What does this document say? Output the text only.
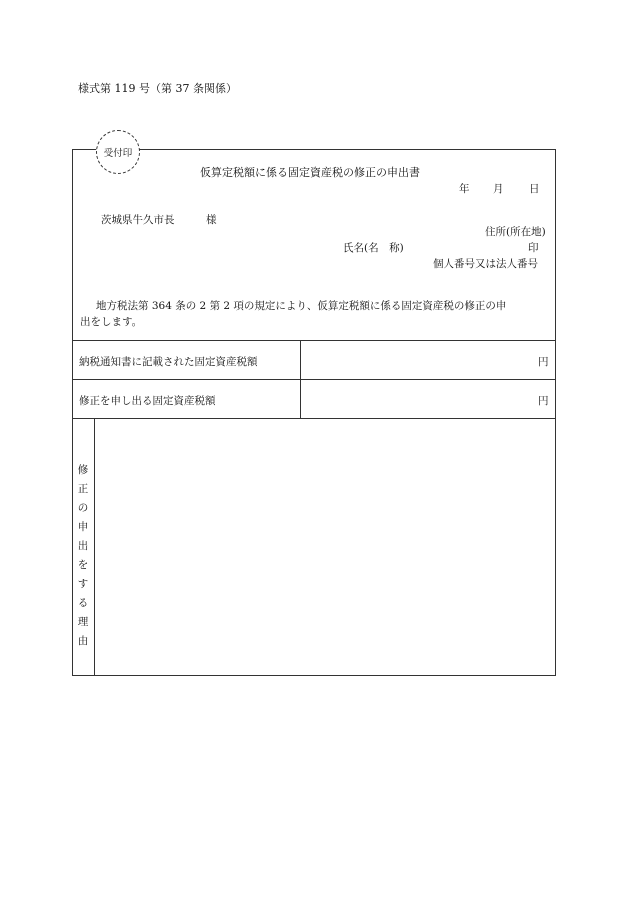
様式第 119 号（第 37 条関係）
受付印
仮算定税額に係る固定資産税の修正の申出書
年 月 日
茨城県牛久市長	様
住所(所在地)
氏名(名　称)	印
個人番号又は法人番号
地方税法第 364 条の 2 第 2 項の規定により、仮算定税額に係る固定資産税の修正の申
出をします。
納税通知書に記載された固定資産税額	円
修正を申し出る固定資産税額	円
修
正
の
申
出
を
す
る
理
由
